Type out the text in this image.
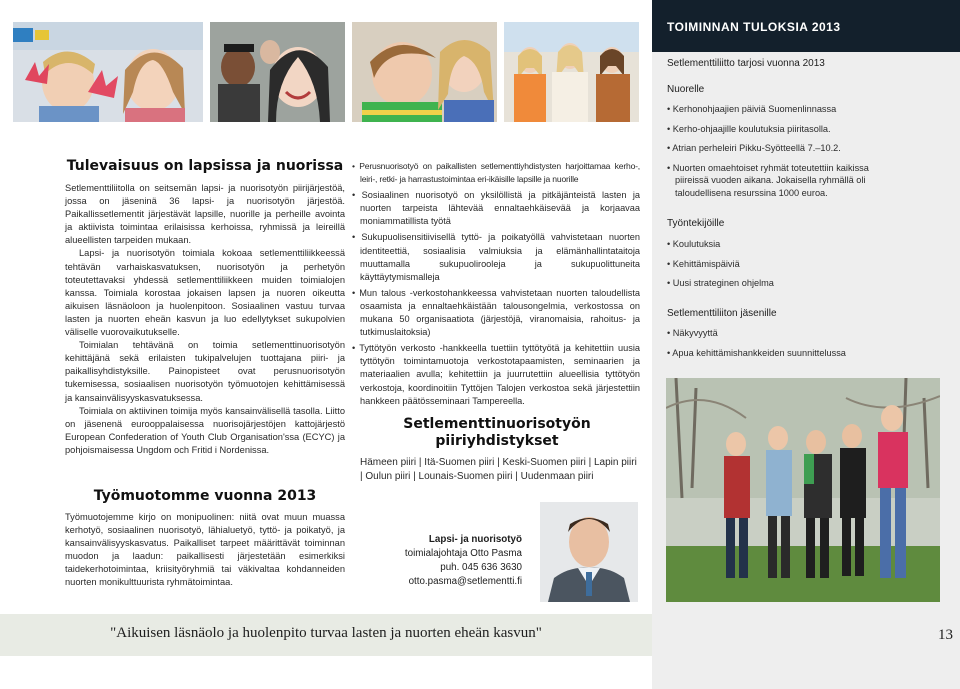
Tulevaisuus on lapsissa ja nuorissa

Setlementtiliitolla on seitsemän lapsi- ja nuorisotyön piirijärjestöä, jossa on jäseninä 36 lapsi- ja nuorisotyön järjestöä. Paikallissetlementit järjestävät lapsille, nuorille ja perheille avointa ja aktiivista toimintaa erilaisissa kerhoissa, ryhmissä ja leireillä alueellisten tarpeiden mukaan.

Lapsi- ja nuorisotyön toimiala kokoaa setlementtiliikkeessä tehtävän varhaiskasvatuksen, nuorisotyön ja perhetyön toteutettavaksi yhdessä setlementtiliikkeen muiden toimialojen kanssa. Toimiala korostaa jokaisen lapsen ja nuoren oikeutta aikuisen läsnäoloon ja huolenpitoon. Sosiaalinen vastuu turvaa lasten ja nuorten eheän kasvun ja luo edellytykset sukupolvien väliselle vuorovaikutukselle.

Toimialan tehtävänä on toimia setlementtinuorisotyön kehittäjänä sekä erilaisten tukipalvelujen tuottajana piiri- ja paikallisyhdistyksille. Painopisteet ovat perusnuorisotyön tukemisessa, sosiaalisen nuorisotyön työmuotojen kehittämisessä ja kansainvälisyyskasvatuksessa.

Toimiala on aktiivinen toimija myös kansainvälisellä tasolla. Liitto on jäsenenä eurooppalaisessa nuorisojärjestöjen kattojärjestö European Confederation of Youth Club Organisation'ssa (ECYC) ja pohjoismaisessa Ungdom och Fritid i Nordenissa.

Työmuotomme vuonna 2013

Työmuotojemme kirjo on monipuolinen: niitä ovat muun muassa kerhotyö, sosiaalinen nuorisotyö, lähialuetyö, tyttö- ja poikatyö, ja kansainvälisyyskasvatus. Paikalliset tarpeet määrittävät toiminnan muodon ja laadun: paikallisesti järjestetään esimerkiksi taidekerhotoimintaa, kriisityöryhmiä tai väkivaltaa kohdanneiden nuorten monikulttuurista ryhmätoimintaa.

• Perusnuorisotyö on paikallisten setlementtiyhdistysten harjoittamaa kerho-, leiri-, retki- ja harrastustoimintaa eri-ikäisille lapsille ja nuorille
• Sosiaalinen nuorisotyö on yksilöllistä ja pitkäjänteistä lasten ja nuorten tarpeista lähtevää ennaltaehkäisevää ja korjaavaa moniammatillista työtä
• Sukupuolisensitiivisellä tyttö- ja poikatyöllä vahvistetaan nuorten identiteettiä, sosiaalisia valmiuksia ja elämänhallintataitoja muuttamalla sukupuolirooleja ja sukupuolittuneita käyttäytymismalleja
• Mun talous -verkostohankkeessa vahvistetaan nuorten taloudellista osaamista ja ennaltaehkäistään talousongelmia, verkostossa on mukana 50 organisaatiota (järjestöjä, viranomaisia, rahoitus- ja tutkimuslaitoksia)
• Tyttötyön verkosto -hankkeella tuettiin tyttötyötä ja kehitettiin uusia tyttötyön toimintamuotoja verkostotapaamisten, seminaarien ja materiaalien avulla; kehitettiin ja juurrutettiin alueellisia tyttötyön verkostoja, koordinoitiin Tyttöjen Talojen verkostoa sekä järjestettiin hankkeen päätösseminaari Tampereella.
Setlementtinuorisotyön piiriyhdistykset
Hämeen piiri | Itä-Suomen piiri | Keski-Suomen piiri | Lapin piiri | Oulun piiri | Lounais-Suomen piiri | Uudenmaan piiri
Lapsi- ja nuorisotyö
toimialajohtaja Otto Pasma
puh. 045 636 3630
otto.pasma@setlementti.fi
TOIMINNAN TULOKSIA 2013
Setlementtiliitto tarjosi vuonna 2013
Nuorelle
• Kerhonohjaajien päiviä Suomenlinnassa
• Kerho-ohjaajille koulutuksia piiritasolla.
• Atrian perheleiri Pikku-Syötteellä 7.–10.2.
• Nuorten omaehtoiset ryhmät toteutettiin kaikissa piireissä vuoden aikana. Jokaisella ryhmällä oli taloudellisena resurssina 1000 euroa.
Työntekijöille
• Koulutuksia
• Kehittämispäiviä
• Uusi strateginen ohjelma
Setlementtiliiton jäsenille
• Näkyvyyttä
• Apua kehittämishankkeiden suunnittelussa
"Aikuisen läsnäolo ja huolenpito turvaa lasten ja nuorten eheän kasvun"	13
